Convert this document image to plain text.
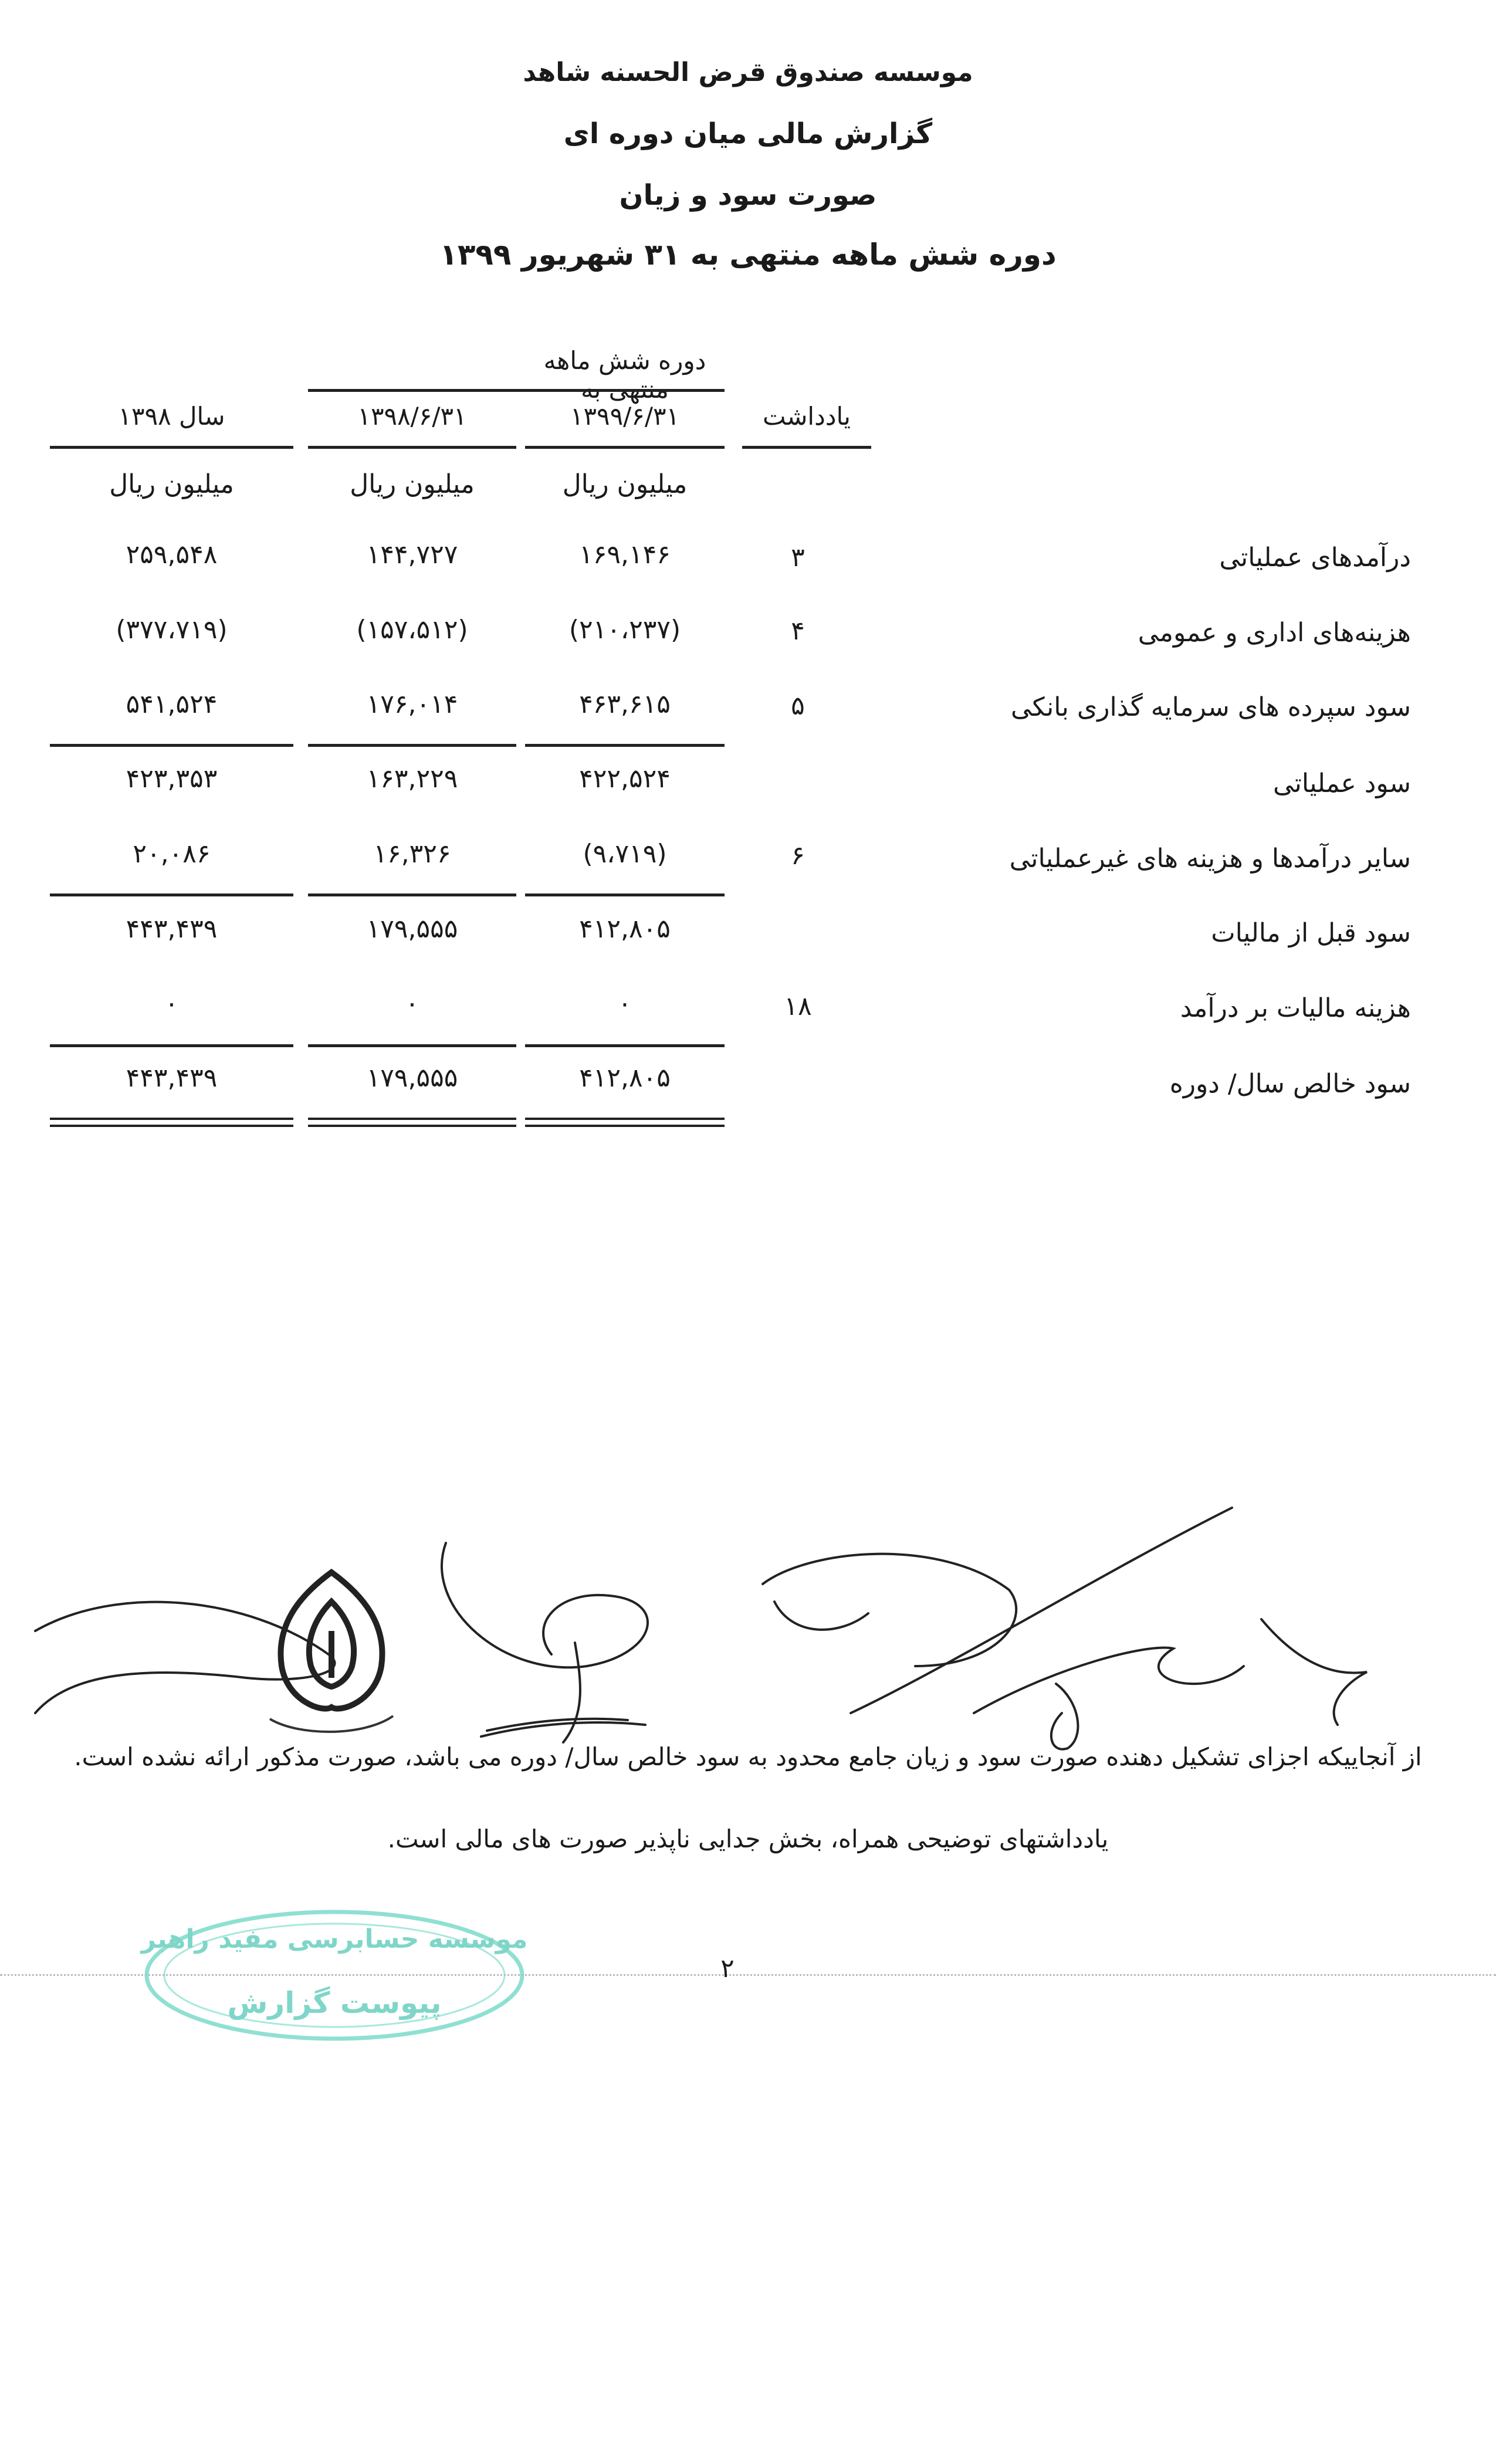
موسسه صندوق قرض الحسنه شاهد
گزارش مالی میان دوره ای
صورت سود و زیان
دوره شش ماهه منتهی به ۳۱ شهریور ۱۳۹۹
دوره شش ماهه منتهی به
یادداشت
۱۳۹۹/۶/۳۱
۱۳۹۸/۶/۳۱
سال ۱۳۹۸
میلیون ریال
میلیون ریال
میلیون ریال
درآمدهای عملیاتی
۳
۱۶۹,۱۴۶
۱۴۴,۷۲۷
۲۵۹,۵۴۸
هزینه‌های اداری و عمومی
۴
(۲۱۰،۲۳۷)
(۱۵۷،۵۱۲)
(۳۷۷،۷۱۹)
سود سپرده های سرمایه گذاری بانکی
۵
۴۶۳,۶۱۵
۱۷۶,۰۱۴
۵۴۱,۵۲۴
سود عملیاتی
۴۲۲,۵۲۴
۱۶۳,۲۲۹
۴۲۳,۳۵۳
سایر درآمدها و هزینه های غیرعملیاتی
۶
(۹،۷۱۹)
۱۶,۳۲۶
۲۰,۰۸۶
سود قبل از مالیات
۴۱۲,۸۰۵
۱۷۹,۵۵۵
۴۴۳,۴۳۹
هزینه مالیات بر درآمد
۱۸
۰
۰
۰
سود خالص سال/ دوره
۴۱۲,۸۰۵
۱۷۹,۵۵۵
۴۴۳,۴۳۹
از آنجاییکه اجزای تشکیل دهنده صورت سود و زیان جامع محدود به سود خالص سال/ دوره می باشد، صورت مذکور ارائه نشده است.
یادداشتهای توضیحی همراه، بخش جدایی ناپذیر صورت های مالی است.
موسسه حسابرسی مفید راهبر
پیوست گزارش
۲
